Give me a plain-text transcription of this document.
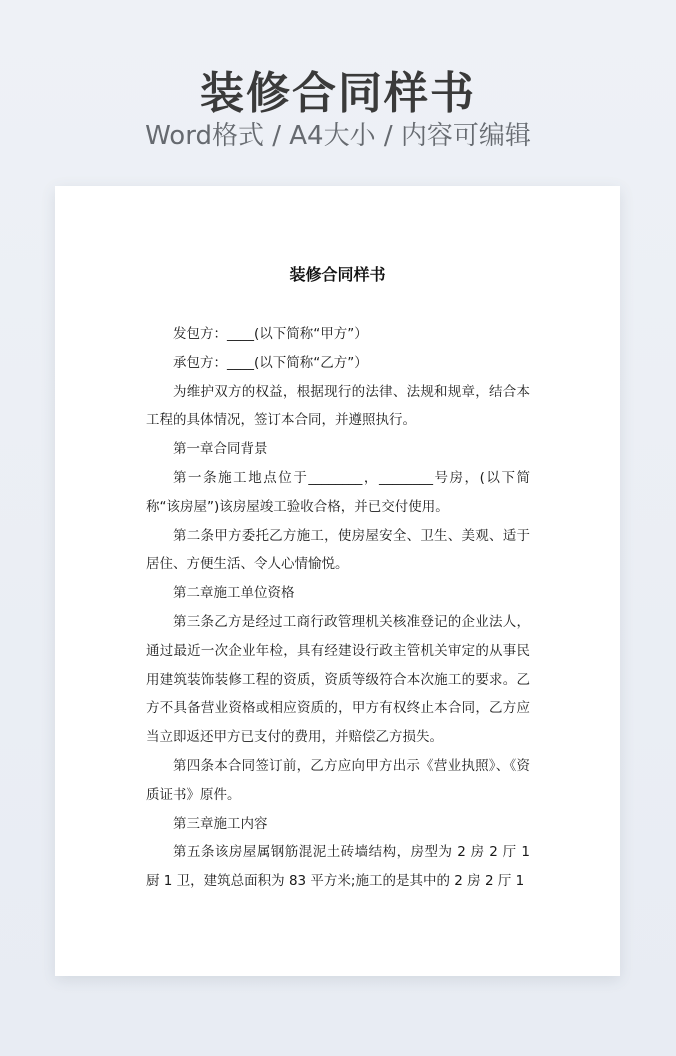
装修合同样书
Word格式 / A4大小 / 内容可编辑
装修合同样书

发包方：____(以下简称“甲方”）

承包方：____(以下简称“乙方”）

为维护双方的权益，根据现行的法律、法规和规章，结合本工程的具体情况，签订本合同，并遵照执行。

第一章合同背景

第一条施工地点位于________，________号房，(以下简称“该房屋”)该房屋竣工验收合格，并已交付使用。

第二条甲方委托乙方施工，使房屋安全、卫生、美观、适于居住、方便生活、令人心情愉悦。

第二章施工单位资格

第三条乙方是经过工商行政管理机关核准登记的企业法人，通过最近一次企业年检，具有经建设行政主管机关审定的从事民用建筑装饰装修工程的资质，资质等级符合本次施工的要求。乙方不具备营业资格或相应资质的，甲方有权终止本合同，乙方应当立即返还甲方已支付的费用，并赔偿乙方损失。

第四条本合同签订前，乙方应向甲方出示《营业执照》、《资质证书》原件。

第三章施工内容

第五条该房屋属钢筋混泥土砖墙结构，房型为 2 房 2 厅 1 厨 1 卫，建筑总面积为 83 平方米;施工的是其中的 2 房 2 厅 1
